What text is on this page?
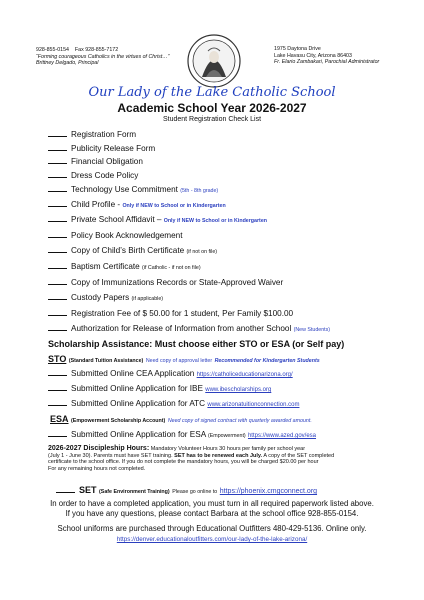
928-855-0154 Fax 928-855-7172
“Forming courageous Catholics in the virtues of Christ…”
Brittney Delgado, Principal
1975 Daytona Drive
Lake Havasu City, Arizona 86403
Fr. Elario Zambakari, Parochial Administrator
Our Lady of the Lake Catholic School
Academic School Year 2026-2027
Student Registration Check List
Registration Form
Publicity Release Form
Financial Obligation
Dress Code Policy
Technology Use Commitment (5th - 8th grade)
Child Profile - Only if NEW to School or in Kindergarten
Private School Affidavit – Only if NEW to School or in Kindergarten
Policy Book Acknowledgement
Copy of Child’s Birth Certificate (if not on file)
Baptism Certificate (if Catholic - if not on file)
Copy of Immunizations Records or State-Approved Waiver
Custody Papers (if applicable)
Registration Fee of $ 50.00 for 1 student, Per Family $100.00
Authorization for Release of Information from another School (New Students)
Scholarship Assistance: Must choose either STO or ESA (or Self pay)
STO (Standard Tuition Assistance) Need copy of approval letter Recommended for Kindergarten Students
Submitted Online CEA Application https://catholiceducationarizona.org/
Submitted Online Application for IBE www.ibescholarships.org
Submitted Online Application for ATC www.arizonatuitionconnection.com
ESA (Empowerment Scholarship Account) Need copy of signed contract with quarterly awarded amount.
Submitted Online Application for ESA (Empowerment) https://www.azed.gov/esa
2026-2027 Discipleship Hours: Mandatory Volunteer Hours 30 hours per family per school year
(July 1 - June 30). Parents must have SET training. SET has to be renewed each July. A copy of the SET completed
certificate to the school office. If you do not complete the mandatory hours, you will be charged $20.00 per hour
For any remaining hours not completed.
SET (Safe Environment Training) Please go online to https://phoenix.cmgconnect.org
In order to have a completed application, you must turn in all required paperwork listed above.
If you have any questions, please contact Barbara at the school office 928-855-0154.
School uniforms are purchased through Educational Outfitters 480-429-5136. Online only.
https://denver.educationaloutfitters.com/our-lady-of-the-lake-arizona/
